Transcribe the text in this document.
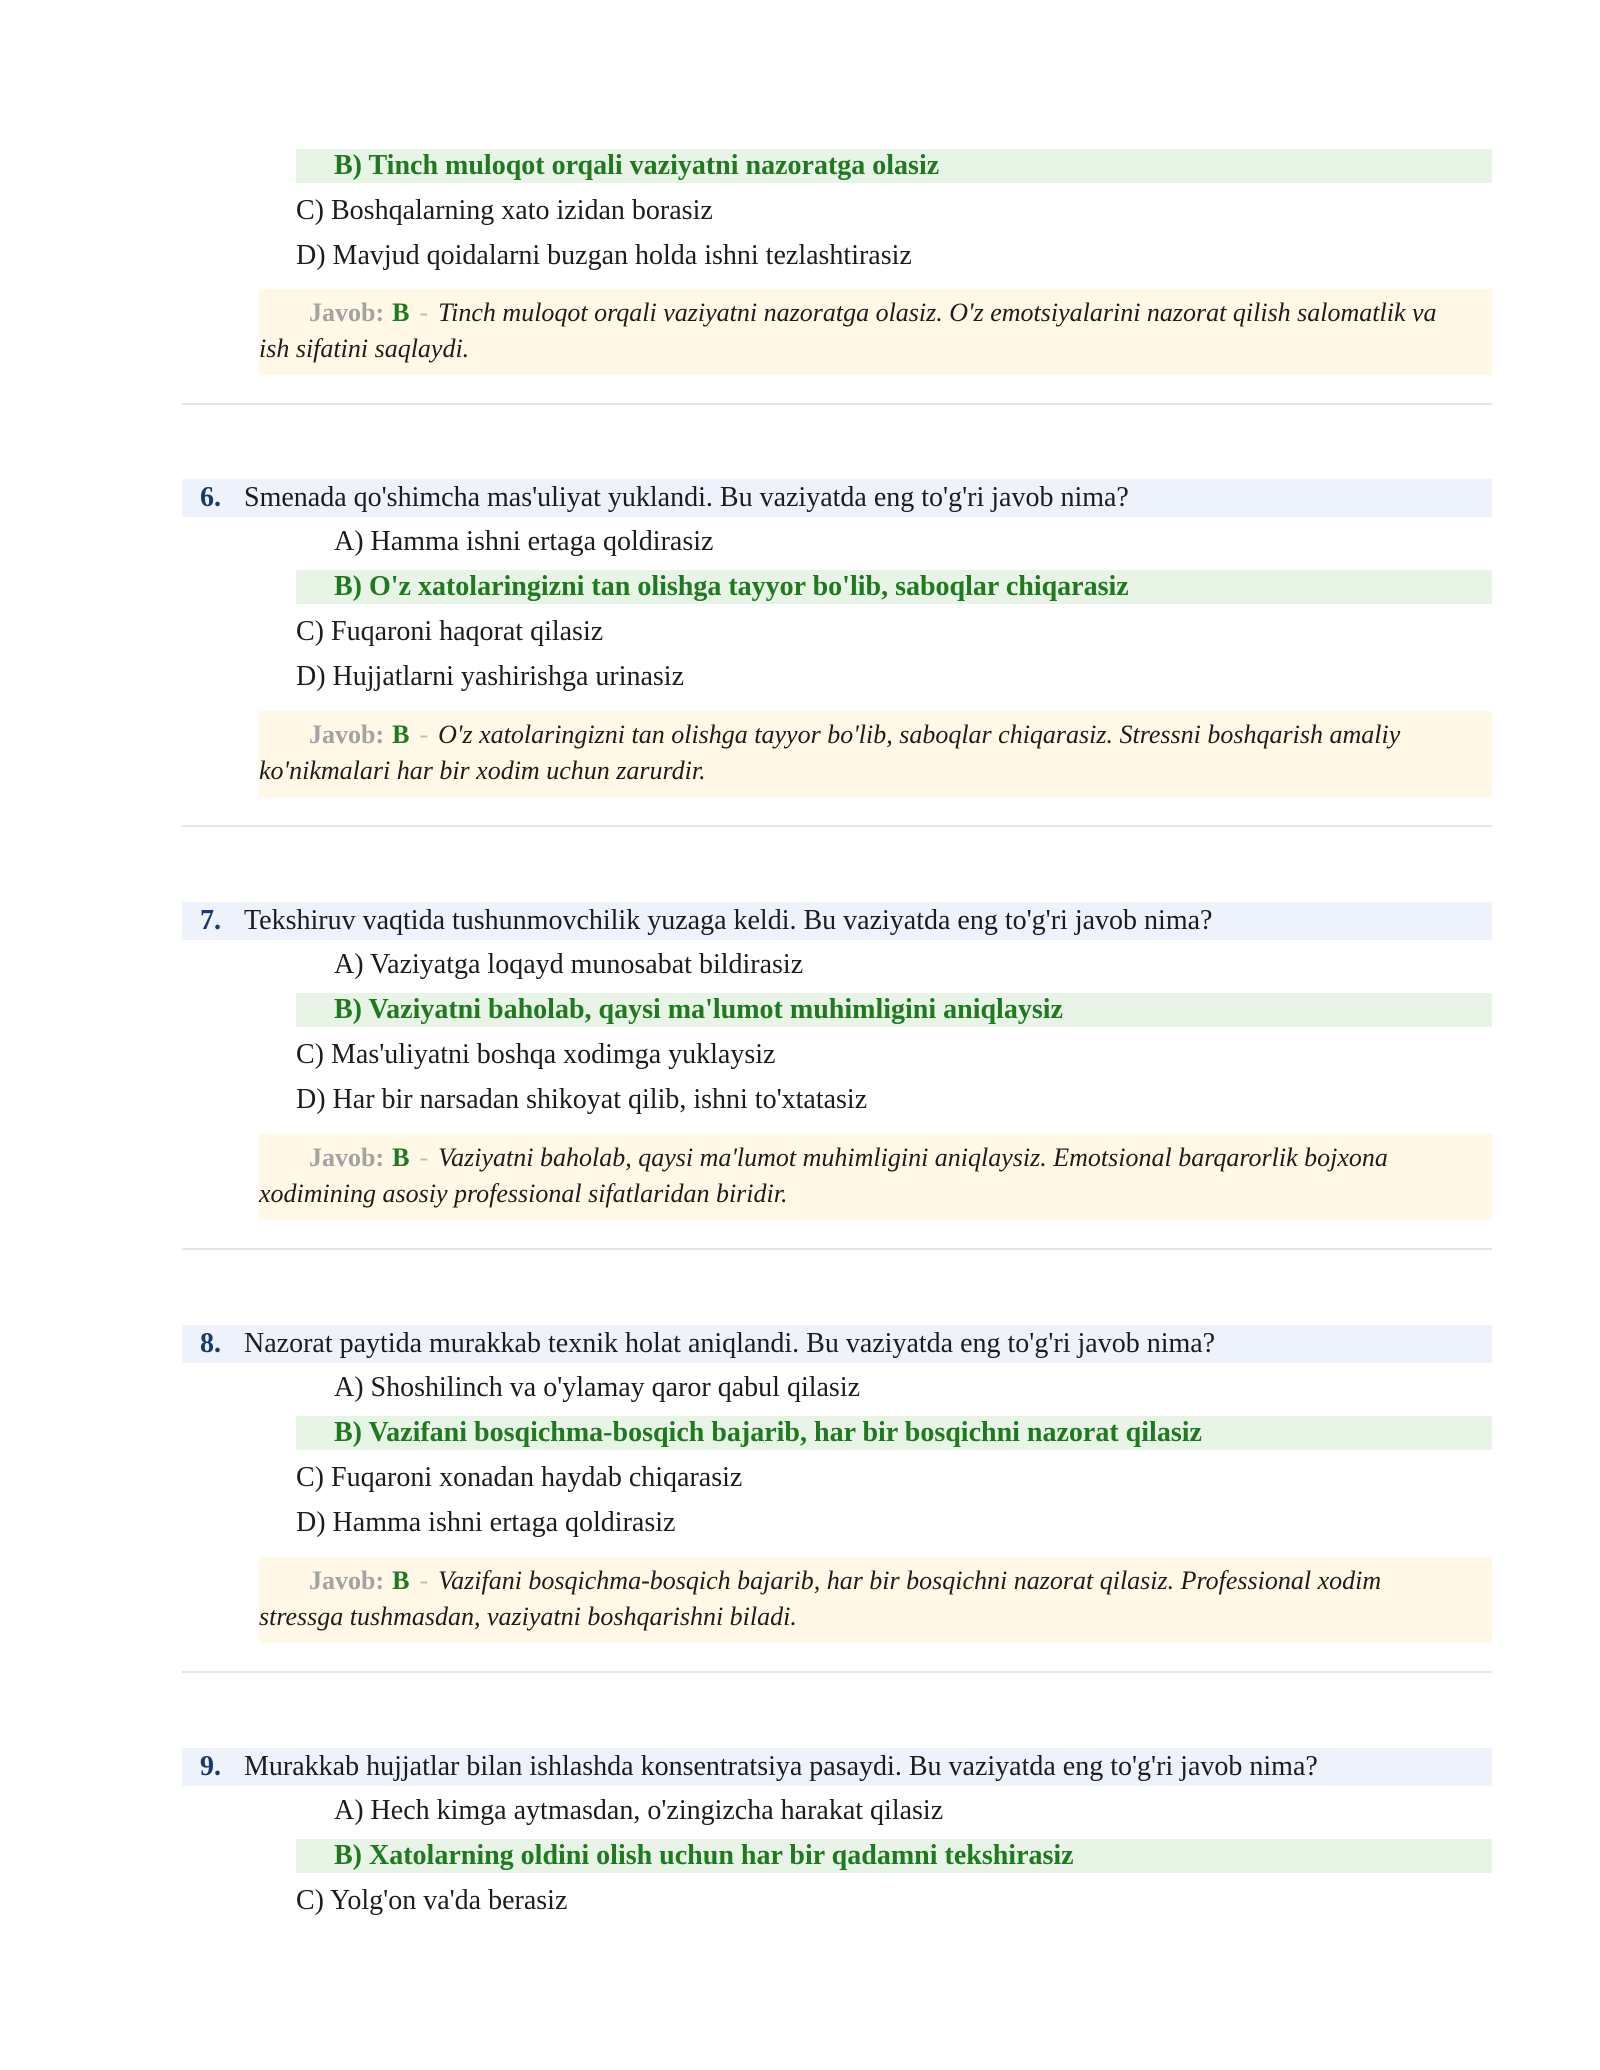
B) Tinch muloqot orqali vaziyatni nazoratga olasiz
C) Boshqalarning xato izidan borasiz
D) Mavjud qoidalarni buzgan holda ishni tezlashtirasiz
Javob: B - Tinch muloqot orqali vaziyatni nazoratga olasiz. O'z emotsiyalarini nazorat qilish salomatlik va ish sifatini saqlaydi.
6. Smenada qo'shimcha mas'uliyat yuklandi. Bu vaziyatda eng to'g'ri javob nima?
A) Hamma ishni ertaga qoldirasiz
B) O'z xatolaringizni tan olishga tayyor bo'lib, saboqlar chiqarasiz
C) Fuqaroni haqorat qilasiz
D) Hujjatlarni yashirishga urinasiz
Javob: B - O'z xatolaringizni tan olishga tayyor bo'lib, saboqlar chiqarasiz. Stressni boshqarish amaliy ko'nikmalari har bir xodim uchun zarurdir.
7. Tekshiruv vaqtida tushunmovchilik yuzaga keldi. Bu vaziyatda eng to'g'ri javob nima?
A) Vaziyatga loqayd munosabat bildirasiz
B) Vaziyatni baholab, qaysi ma'lumot muhimligini aniqlaysiz
C) Mas'uliyatni boshqa xodimga yuklaysiz
D) Har bir narsadan shikoyat qilib, ishni to'xtatasiz
Javob: B - Vaziyatni baholab, qaysi ma'lumot muhimligini aniqlaysiz. Emotsional barqarorlik bojxona xodimining asosiy professional sifatlaridan biridir.
8. Nazorat paytida murakkab texnik holat aniqlandi. Bu vaziyatda eng to'g'ri javob nima?
A) Shoshilinch va o'ylamay qaror qabul qilasiz
B) Vazifani bosqichma-bosqich bajarib, har bir bosqichni nazorat qilasiz
C) Fuqaroni xonadan haydab chiqarasiz
D) Hamma ishni ertaga qoldirasiz
Javob: B - Vazifani bosqichma-bosqich bajarib, har bir bosqichni nazorat qilasiz. Professional xodim stressga tushmasdan, vaziyatni boshqarishni biladi.
9. Murakkab hujjatlar bilan ishlashda konsentratsiya pasaydi. Bu vaziyatda eng to'g'ri javob nima?
A) Hech kimga aytmasdan, o'zingizcha harakat qilasiz
B) Xatolarning oldini olish uchun har bir qadamni tekshirasiz
C) Yolg'on va'da berasiz
